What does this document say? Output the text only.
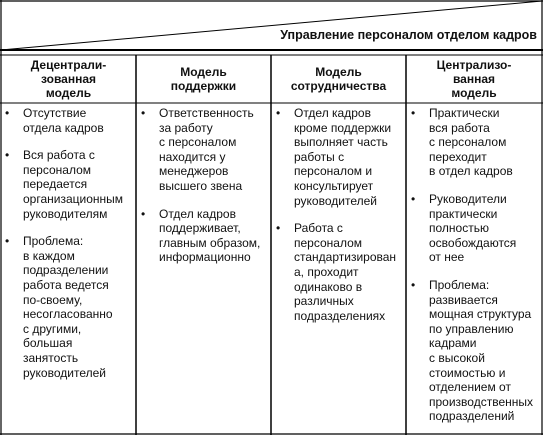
Управление персоналом отделом кадров
Децентрали-
зованная
модель
Модель
поддержки
Модель
сотрудничества
Централизо-
ванная
модель
• Отсутствие
отдела кадров
• Вся работа с
персоналом
передается
организационным
руководителям
• Проблема:
в каждом
подразделении
работа ведется
по-своему,
несогласованно
с другими,
большая
занятость
руководителей
• Ответственность
за работу
с персоналом
находится у
менеджеров
высшего звена
• Отдел кадров
поддерживает,
главным образом,
информационно
• Отдел кадров
кроме поддержки
выполняет часть
работы с
персоналом и
консультирует
руководителей
• Работа с
персоналом
стандартизирован
а, проходит
одинаково в
различных
подразделениях
• Практически
вся работа
с персоналом
переходит
в отдел кадров
• Руководители
практически
полностью
освобождаются
от нее
• Проблема:
развивается
мощная структура
по управлению
кадрами
с высокой
стоимостью и
отделением от
производственных
подразделений
